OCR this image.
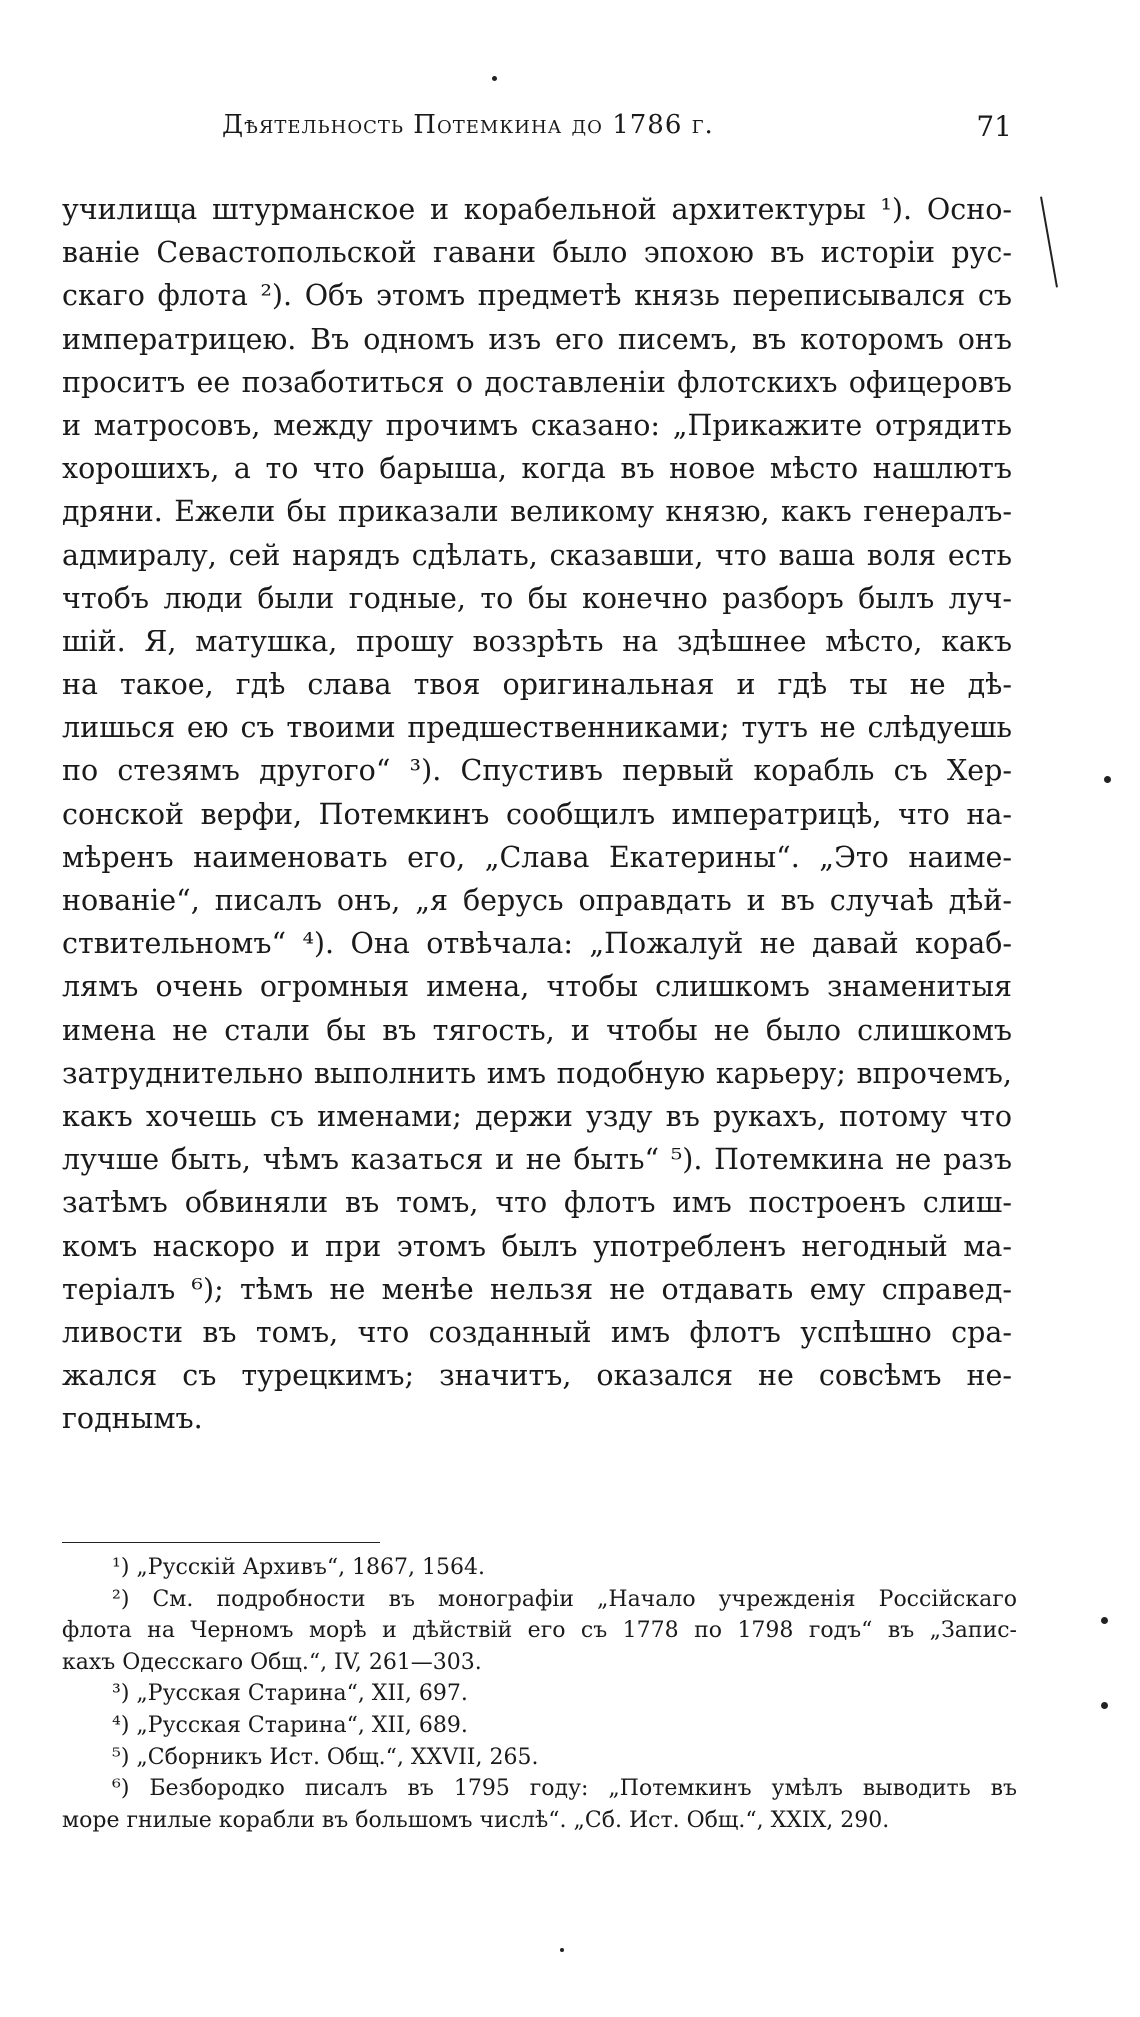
Дѣятельность Потемкина до 1786 г.	71
училища штурманское и корабельной архитектуры ¹). Осно-
ваніе Севастопольской гавани было эпохою въ исторіи рус-
скаго флота ²). Объ этомъ предметѣ князь переписывался съ
императрицею. Въ одномъ изъ его писемъ, въ которомъ онъ
проситъ ее позаботиться о доставленіи флотскихъ офицеровъ
и матросовъ, между прочимъ сказано: „Прикажите отрядить
хорошихъ, а то что барыша, когда въ новое мѣсто нашлютъ
дряни. Ежели бы приказали великому князю, какъ генералъ-
адмиралу, сей нарядъ сдѣлать, сказавши, что ваша воля есть
чтобъ люди были годные, то бы конечно разборъ былъ луч-
шій. Я, матушка, прошу воззрѣть на здѣшнее мѣсто, какъ
на такое, гдѣ слава твоя оригинальная и гдѣ ты не дѣ-
лишься ею съ твоими предшественниками; тутъ не слѣдуешь
по стезямъ другого“ ³). Спустивъ первый корабль съ Хер-
сонской верфи, Потемкинъ сообщилъ императрицѣ, что на-
мѣренъ наименовать его, „Слава Екатерины“. „Это наиме-
нованіе“, писалъ онъ, „я берусь оправдать и въ случаѣ дѣй-
ствительномъ“ ⁴). Она отвѣчала: „Пожалуй не давай кораб-
лямъ очень огромныя имена, чтобы слишкомъ знаменитыя
имена не стали бы въ тягость, и чтобы не было слишкомъ
затруднительно выполнить имъ подобную карьеру; впрочемъ,
какъ хочешь съ именами; держи узду въ рукахъ, потому что
лучше быть, чѣмъ казаться и не быть“ ⁵). Потемкина не разъ
затѣмъ обвиняли въ томъ, что флотъ имъ построенъ слиш-
комъ наскоро и при этомъ былъ употребленъ негодный ма-
теріалъ ⁶); тѣмъ не менѣе нельзя не отдавать ему справед-
ливости въ томъ, что созданный имъ флотъ успѣшно сра-
жался съ турецкимъ; значитъ, оказался не совсѣмъ не-
годнымъ.
¹) „Русскій Архивъ“, 1867, 1564.
²) См. подробности въ монографіи „Начало учрежденія Россійскаго
флота на Черномъ морѣ и дѣйствій его съ 1778 по 1798 годъ“ въ „Запис-
кахъ Одесскаго Общ.“, IV, 261—303.
³) „Русская Старина“, XII, 697.
⁴) „Русская Старина“, XII, 689.
⁵) „Сборникъ Ист. Общ.“, XXVII, 265.
⁶) Безбородко писалъ въ 1795 году: „Потемкинъ умѣлъ выводить въ
море гнилые корабли въ большомъ числѣ“. „Сб. Ист. Общ.“, XXIX, 290.
